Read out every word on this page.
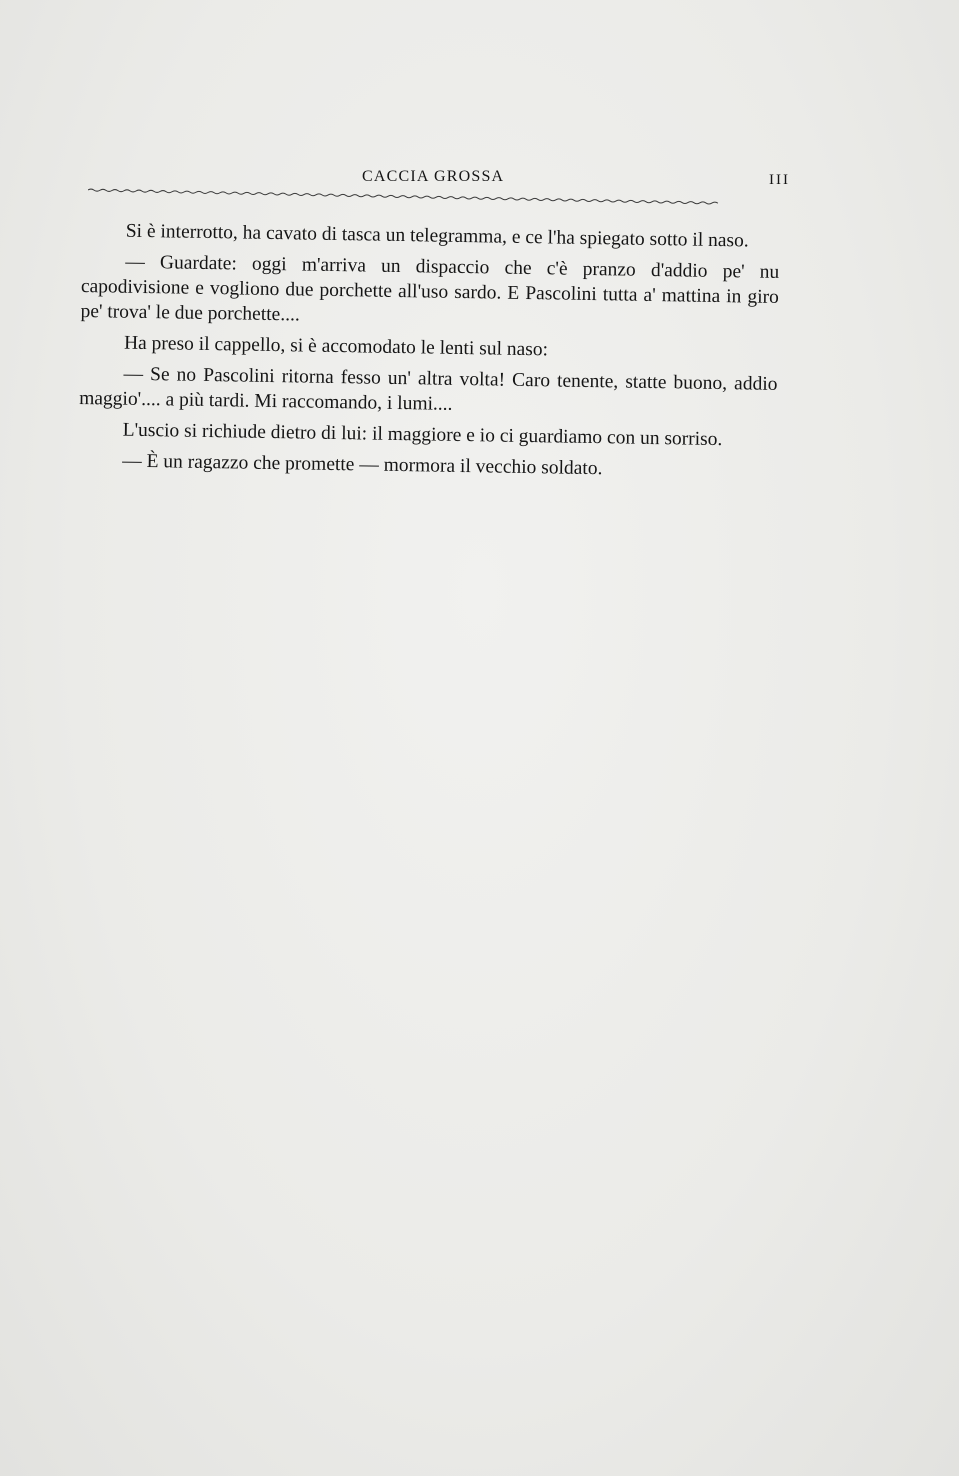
CACCIA GROSSA	III

Si è interrotto, ha cavato di tasca un telegramma, e ce l'ha spiegato sotto il naso.

— Guardate: oggi m'arriva un dispaccio che c'è pranzo d'addio pe' nu capodivisione e vogliono due porchette all'uso sardo. E Pascolini tutta a' mattina in giro pe' trova' le due porchette....

Ha preso il cappello, si è accomodato le lenti sul naso:

— Se no Pascolini ritorna fesso un' altra volta! Caro tenente, statte buono, addio maggio'.... a più tardi. Mi raccomando, i lumi....

L'uscio si richiude dietro di lui: il maggiore e io ci guardiamo con un sorriso.

— È un ragazzo che promette — mormora il vecchio soldato.
